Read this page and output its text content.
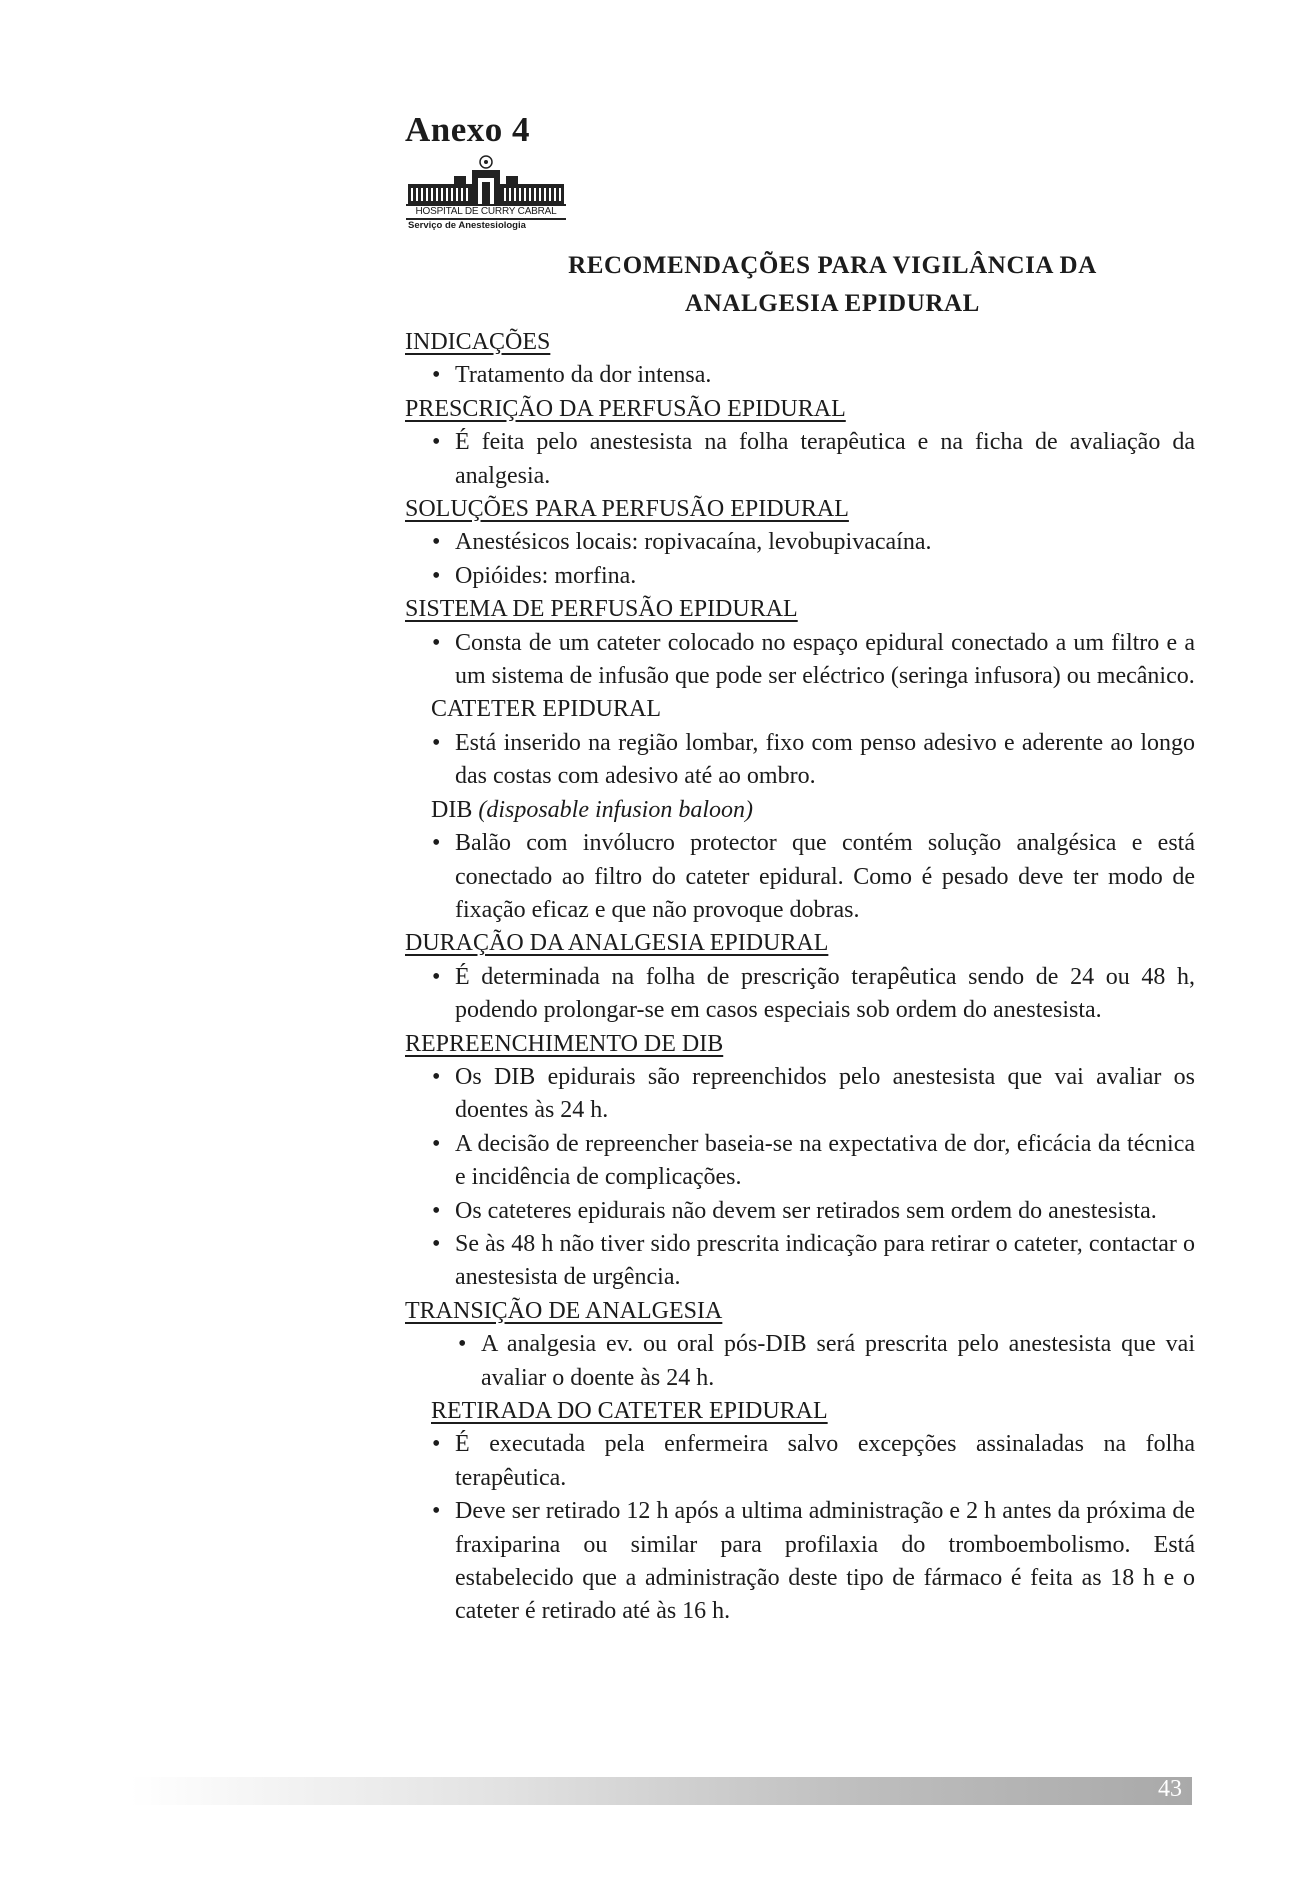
Anexo 4
HOSPITAL DE CURRY CABRAL
Serviço de Anestesiologia
RECOMENDAÇÕES PARA VIGILÂNCIA DA
ANALGESIA EPIDURAL
INDICAÇÕES
• Tratamento da dor intensa.
PRESCRIÇÃO DA PERFUSÃO EPIDURAL
• É feita pelo anestesista na folha terapêutica e na ficha de avaliação da analgesia.
SOLUÇÕES PARA PERFUSÃO EPIDURAL
• Anestésicos locais: ropivacaína, levobupivacaína.
• Opióides: morfina.
SISTEMA DE PERFUSÃO EPIDURAL
• Consta de um cateter colocado no espaço epidural conectado a um filtro e a um sistema de infusão que pode ser eléctrico (seringa infusora) ou mecânico.
CATETER EPIDURAL
• Está inserido na região lombar, fixo com penso adesivo e aderente ao longo das costas com adesivo até ao ombro.
DIB (disposable infusion baloon)
• Balão com invólucro protector que contém solução analgésica e está conectado ao filtro do cateter epidural. Como é pesado deve ter modo de fixação eficaz e que não provoque dobras.
DURAÇÃO DA ANALGESIA EPIDURAL
• É determinada na folha de prescrição terapêutica sendo de 24 ou 48 h, podendo prolongar-se em casos especiais sob ordem do anestesista.
REPREENCHIMENTO DE DIB
• Os DIB epidurais são repreenchidos pelo anestesista que vai avaliar os doentes às 24 h.
• A decisão de repreencher baseia-se na expectativa de dor, eficácia da técnica e incidência de complicações.
• Os cateteres epidurais não devem ser retirados sem ordem do anestesista.
• Se às 48 h não tiver sido prescrita indicação para retirar o cateter, contactar o anestesista de urgência.
TRANSIÇÃO DE ANALGESIA
• A analgesia ev. ou oral pós-DIB será prescrita pelo anestesista que vai avaliar o doente às 24 h.
RETIRADA DO CATETER EPIDURAL
• É executada pela enfermeira salvo excepções assinaladas na folha terapêutica.
• Deve ser retirado 12 h após a ultima administração e 2 h antes da próxima de fraxiparina ou similar para profilaxia do tromboembolismo. Está estabelecido que a administração deste tipo de fármaco é feita as 18 h e o cateter é retirado até às 16 h.
43
